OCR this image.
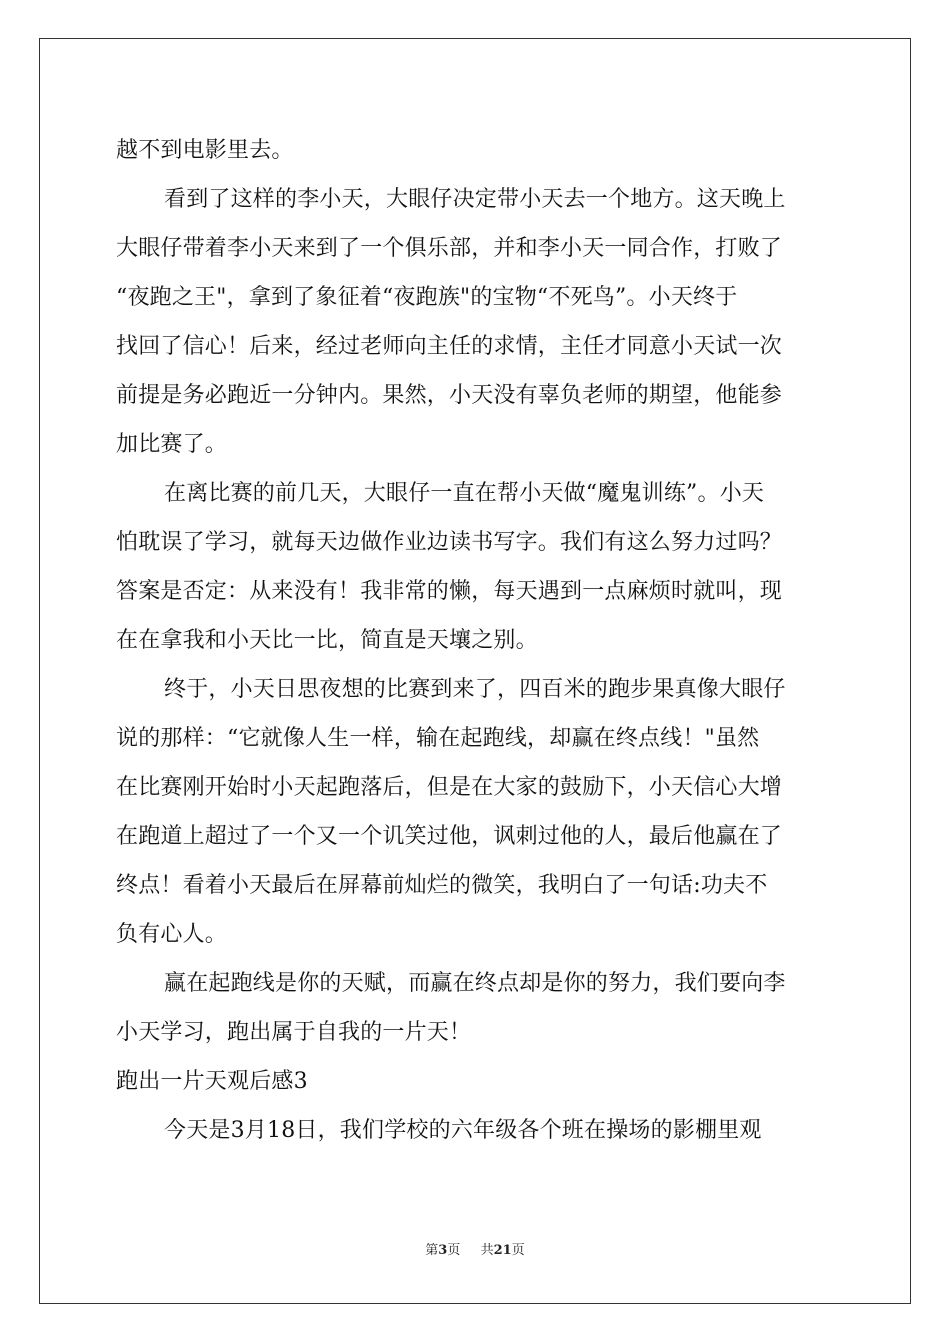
越不到电影里去。
看到了这样的李小天，大眼仔决定带小天去一个地方。这天晚上
大眼仔带着李小天来到了一个俱乐部，并和李小天一同合作，打败了
“夜跑之王"，拿到了象征着“夜跑族"的宝物“不死鸟”。小天终于
找回了信心！后来，经过老师向主任的求情，主任才同意小天试一次
前提是务必跑近一分钟内。果然，小天没有辜负老师的期望，他能参
加比赛了。
在离比赛的前几天，大眼仔一直在帮小天做“魔鬼训练”。小天
怕耽误了学习，就每天边做作业边读书写字。我们有这么努力过吗？
答案是否定：从来没有！我非常的懒，每天遇到一点麻烦时就叫，现
在在拿我和小天比一比，简直是天壤之别。
终于，小天日思夜想的比赛到来了，四百米的跑步果真像大眼仔
说的那样：“它就像人生一样，输在起跑线，却赢在终点线！"虽然
在比赛刚开始时小天起跑落后，但是在大家的鼓励下，小天信心大增
在跑道上超过了一个又一个讥笑过他，讽刺过他的人，最后他赢在了
终点！看着小天最后在屏幕前灿烂的微笑，我明白了一句话:功夫不
负有心人。
赢在起跑线是你的天赋，而赢在终点却是你的努力，我们要向李
小天学习，跑出属于自我的一片天！
跑出一片天观后感3
今天是3月18日，我们学校的六年级各个班在操场的影棚里观
第3页 共21页
